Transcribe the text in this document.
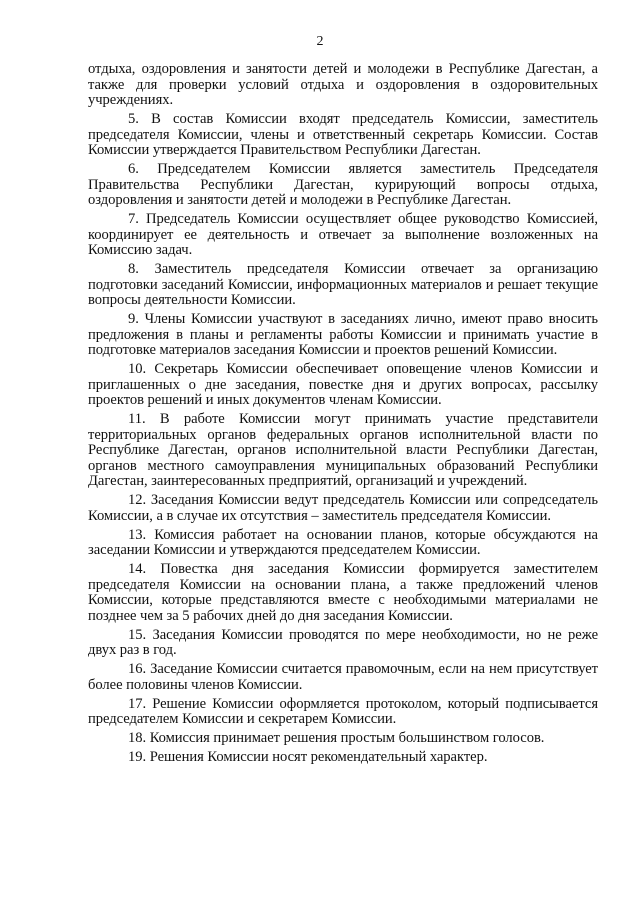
2

отдыха, оздоровления и занятости детей и молодежи в Республике Дагестан, а также для проверки условий отдыха и оздоровления в оздоровительных учреждениях.

5. В состав Комиссии входят председатель Комиссии, заместитель председателя Комиссии, члены и ответственный секретарь Комиссии. Состав Комиссии утверждается Правительством Республики Дагестан.

6. Председателем Комиссии является заместитель Председателя Правительства Республики Дагестан, курирующий вопросы отдыха, оздоровления и занятости детей и молодежи в Республике Дагестан.

7. Председатель Комиссии осуществляет общее руководство Комиссией, координирует ее деятельность и отвечает за выполнение возложенных на Комиссию задач.

8. Заместитель председателя Комиссии отвечает за организацию подготовки заседаний Комиссии, информационных материалов и решает текущие вопросы деятельности Комиссии.

9. Члены Комиссии участвуют в заседаниях лично, имеют право вносить предложения в планы и регламенты работы Комиссии и принимать участие в подготовке материалов заседания Комиссии и проектов решений Комиссии.

10. Секретарь Комиссии обеспечивает оповещение членов Комиссии и приглашенных о дне заседания, повестке дня и других вопросах, рассылку проектов решений и иных документов членам Комиссии.

11. В работе Комиссии могут принимать участие представители территориальных органов федеральных органов исполнительной власти по Республике Дагестан, органов исполнительной власти Республики Дагестан, органов местного самоуправления муниципальных образований Республики Дагестан, заинтересованных предприятий, организаций и учреждений.

12. Заседания Комиссии ведут председатель Комиссии или сопредседатель Комиссии, а в случае их отсутствия – заместитель председателя Комиссии.

13. Комиссия работает на основании планов, которые обсуждаются на заседании Комиссии и утверждаются председателем Комиссии.

14. Повестка дня заседания Комиссии формируется заместителем председателя Комиссии на основании плана, а также предложений членов Комиссии, которые представляются вместе с необходимыми материалами не позднее чем за 5 рабочих дней до дня заседания Комиссии.

15. Заседания Комиссии проводятся по мере необходимости, но не реже двух раз в год.

16. Заседание Комиссии считается правомочным, если на нем присутствует более половины членов Комиссии.

17. Решение Комиссии оформляется протоколом, который подписывается председателем Комиссии и секретарем Комиссии.

18. Комиссия принимает решения простым большинством голосов.

19. Решения Комиссии носят рекомендательный характер.
